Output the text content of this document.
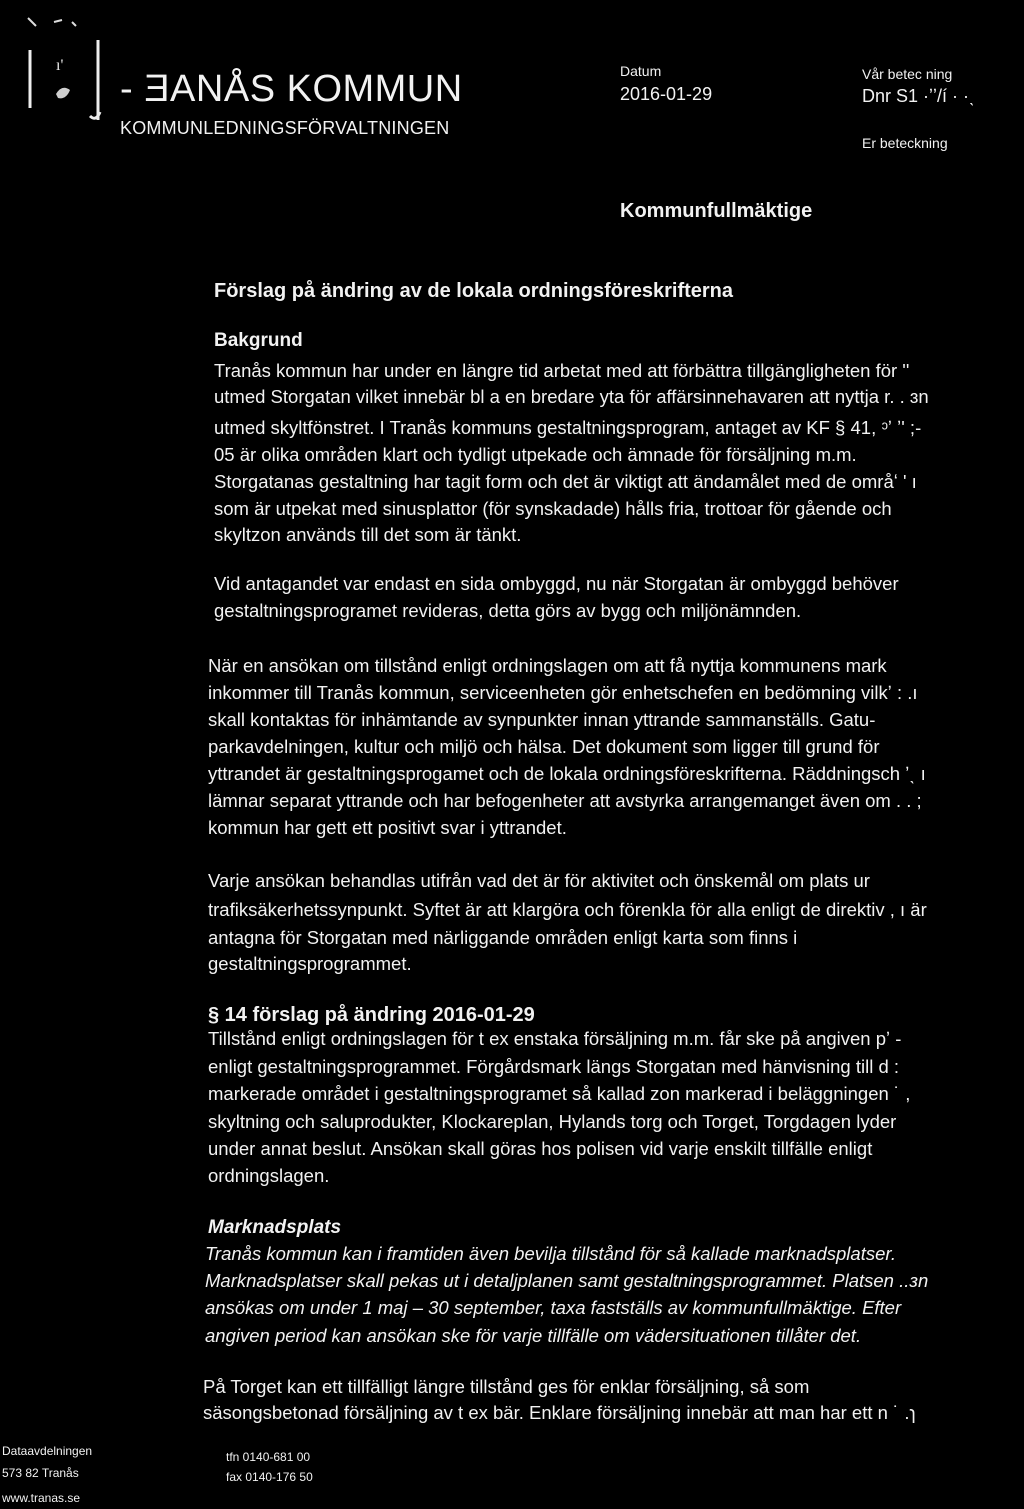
ı'
- ƎANÅS KOMMUN
KOMMUNLEDNINGSFÖRVALTNINGEN
Datum
2016-01-29
Vår betec ning
Dnr S1 ·ʼʼ/í · ·ˎ
Er beteckning
Kommunfullmäktige
Förslag på ändring av de lokala ordningsföreskrifterna
Bakgrund
Tranås kommun har under en längre tid arbetat med att förbättra tillgängligheten för ''
utmed Storgatan vilket innebär bl a en bredare yta för affärsinnehavaren att nyttja r. . ɜn
utmed skyltfönstret. I Tranås kommuns gestaltningsprogram, antaget av KF § 41, ᵓʼ ʼ' ;-
05 är olika områden klart och tydligt utpekade och ämnade för försäljning m.m.
Storgatanas gestaltning har tagit form och det är viktigt att ändamålet med de områʻ ' ı
som är utpekat med sinusplattor (för synskadade) hålls fria, trottoar för gående och
skyltzon används till det som är tänkt.
Vid antagandet var endast en sida ombyggd, nu när Storgatan är ombyggd behöver
gestaltningsprogramet revideras, detta görs av bygg och miljönämnden.
När en ansökan om tillstånd enligt ordningslagen om att få nyttja kommunens mark
inkommer till Tranås kommun, serviceenheten gör enhetschefen en bedömning vilkʼ : .ı
skall kontaktas för inhämtande av synpunkter innan yttrande sammanställs. Gatu-
parkavdelningen, kultur och miljö och hälsa. Det dokument som ligger till grund för
yttrandet är gestaltningsprogamet och de lokala ordningsföreskrifterna. Räddningsch ʼˎ ı
lämnar separat yttrande och har befogenheter att avstyrka arrangemanget även om . . ;
kommun har gett ett positivt svar i yttrandet.
Varje ansökan behandlas utifrån vad det är för aktivitet och önskemål om plats ur
trafiksäkerhetssynpunkt. Syftet är att klargöra och förenkla för alla enligt de direktiv , ı är
antagna för Storgatan med närliggande områden enligt karta som finns i
gestaltningsprogrammet.
§ 14 förslag på ändring 2016-01-29
Tillstånd enligt ordningslagen för t ex enstaka försäljning m.m. får ske på angiven pʼ -
enligt gestaltningsprogrammet. Förgårdsmark längs Storgatan med hänvisning till d :
markerade området i gestaltningsprogramet så kallad zon markerad i beläggningen ˙ ,
skyltning och saluprodukter, Klockareplan, Hylands torg och Torget, Torgdagen lyder
under annat beslut. Ansökan skall göras hos polisen vid varje enskilt tillfälle enligt
ordningslagen.
Marknadsplats
Tranås kommun kan i framtiden även bevilja tillstånd för så kallade marknadsplatser.
Marknadsplatser skall pekas ut i detaljplanen samt gestaltningsprogrammet. Platsen ..ɜn
ansökas om under 1 maj – 30 september, taxa fastställs av kommunfullmäktige. Efter
angiven period kan ansökan ske för varje tillfälle om vädersituationen tillåter det.
På Torget kan ett tillfälligt längre tillstånd ges för enklar försäljning, så som
säsongsbetonad försäljning av t ex bär. Enklare försäljning innebär att man har ett n ˙ .ɿ
Dataavdelningen
573 82 Tranås
www.tranas.se
tfn 0140-681 00
fax 0140-176 50
